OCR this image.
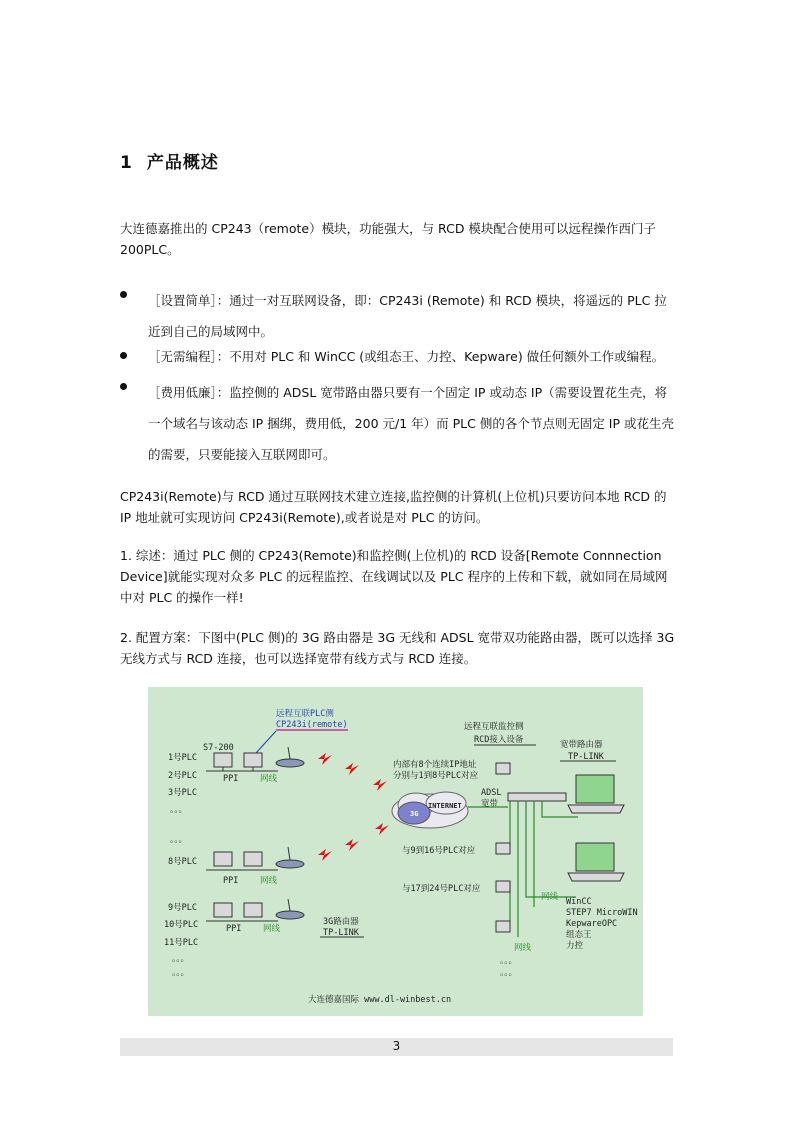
1 产品概述
大连德嘉推出的 CP243（remote）模块，功能强大，与 RCD 模块配合使用可以远程操作西门子 200PLC。
［设置简单］：通过一对互联网设备，即：CP243i (Remote) 和 RCD 模块，将遥远的 PLC 拉近到自己的局域网中。
［无需编程］：不用对 PLC 和 WinCC (或组态王、力控、Kepware) 做任何额外工作或编程。
［费用低廉］：监控侧的 ADSL 宽带路由器只要有一个固定 IP 或动态 IP（需要设置花生壳，将一个域名与该动态 IP 捆绑，费用低，200 元/1 年）而 PLC 侧的各个节点则无固定 IP 或花生壳的需要，只要能接入互联网即可。
CP243i(Remote)与 RCD 通过互联网技术建立连接,监控侧的计算机(上位机)只要访问本地 RCD 的 IP 地址就可实现访问 CP243i(Remote),或者说是对 PLC 的访问。
1. 综述：通过 PLC 侧的 CP243(Remote)和监控侧(上位机)的 RCD 设备[Remote Connnection Device]就能实现对众多 PLC 的远程监控、在线调试以及 PLC 程序的上传和下载，就如同在局域网中对 PLC 的操作一样!
2. 配置方案：下图中(PLC 侧)的 3G 路由器是 3G 无线和 ADSL 宽带双功能路由器，既可以选择 3G 无线方式与 RCD 连接，也可以选择宽带有线方式与 RCD 连接。
远程互联PLC侧
CP243i(remote)
S7-200
1号PLC
2号PLC
3号PLC
。。。
。。。
8号PLC
9号PLC
10号PLC
11号PLC
。。。
。。。
PPI	网线
PPI	网线
PPI	网线
3G路由器
TP-LINK
INTERNET
3G
远程互联监控侧
RCD接入设备
内部有8个连续IP地址
分别与1到8号PLC对应
ADSL
宽带
宽带路由器
TP-LINK
与9到16号PLC对应
与17到24号PLC对应
网线
网线
。。。
。。。
WinCC
STEP7 MicroWIN
KepwareOPC
组态王
力控
大连德嘉国际 www.dl-winbest.cn
3
